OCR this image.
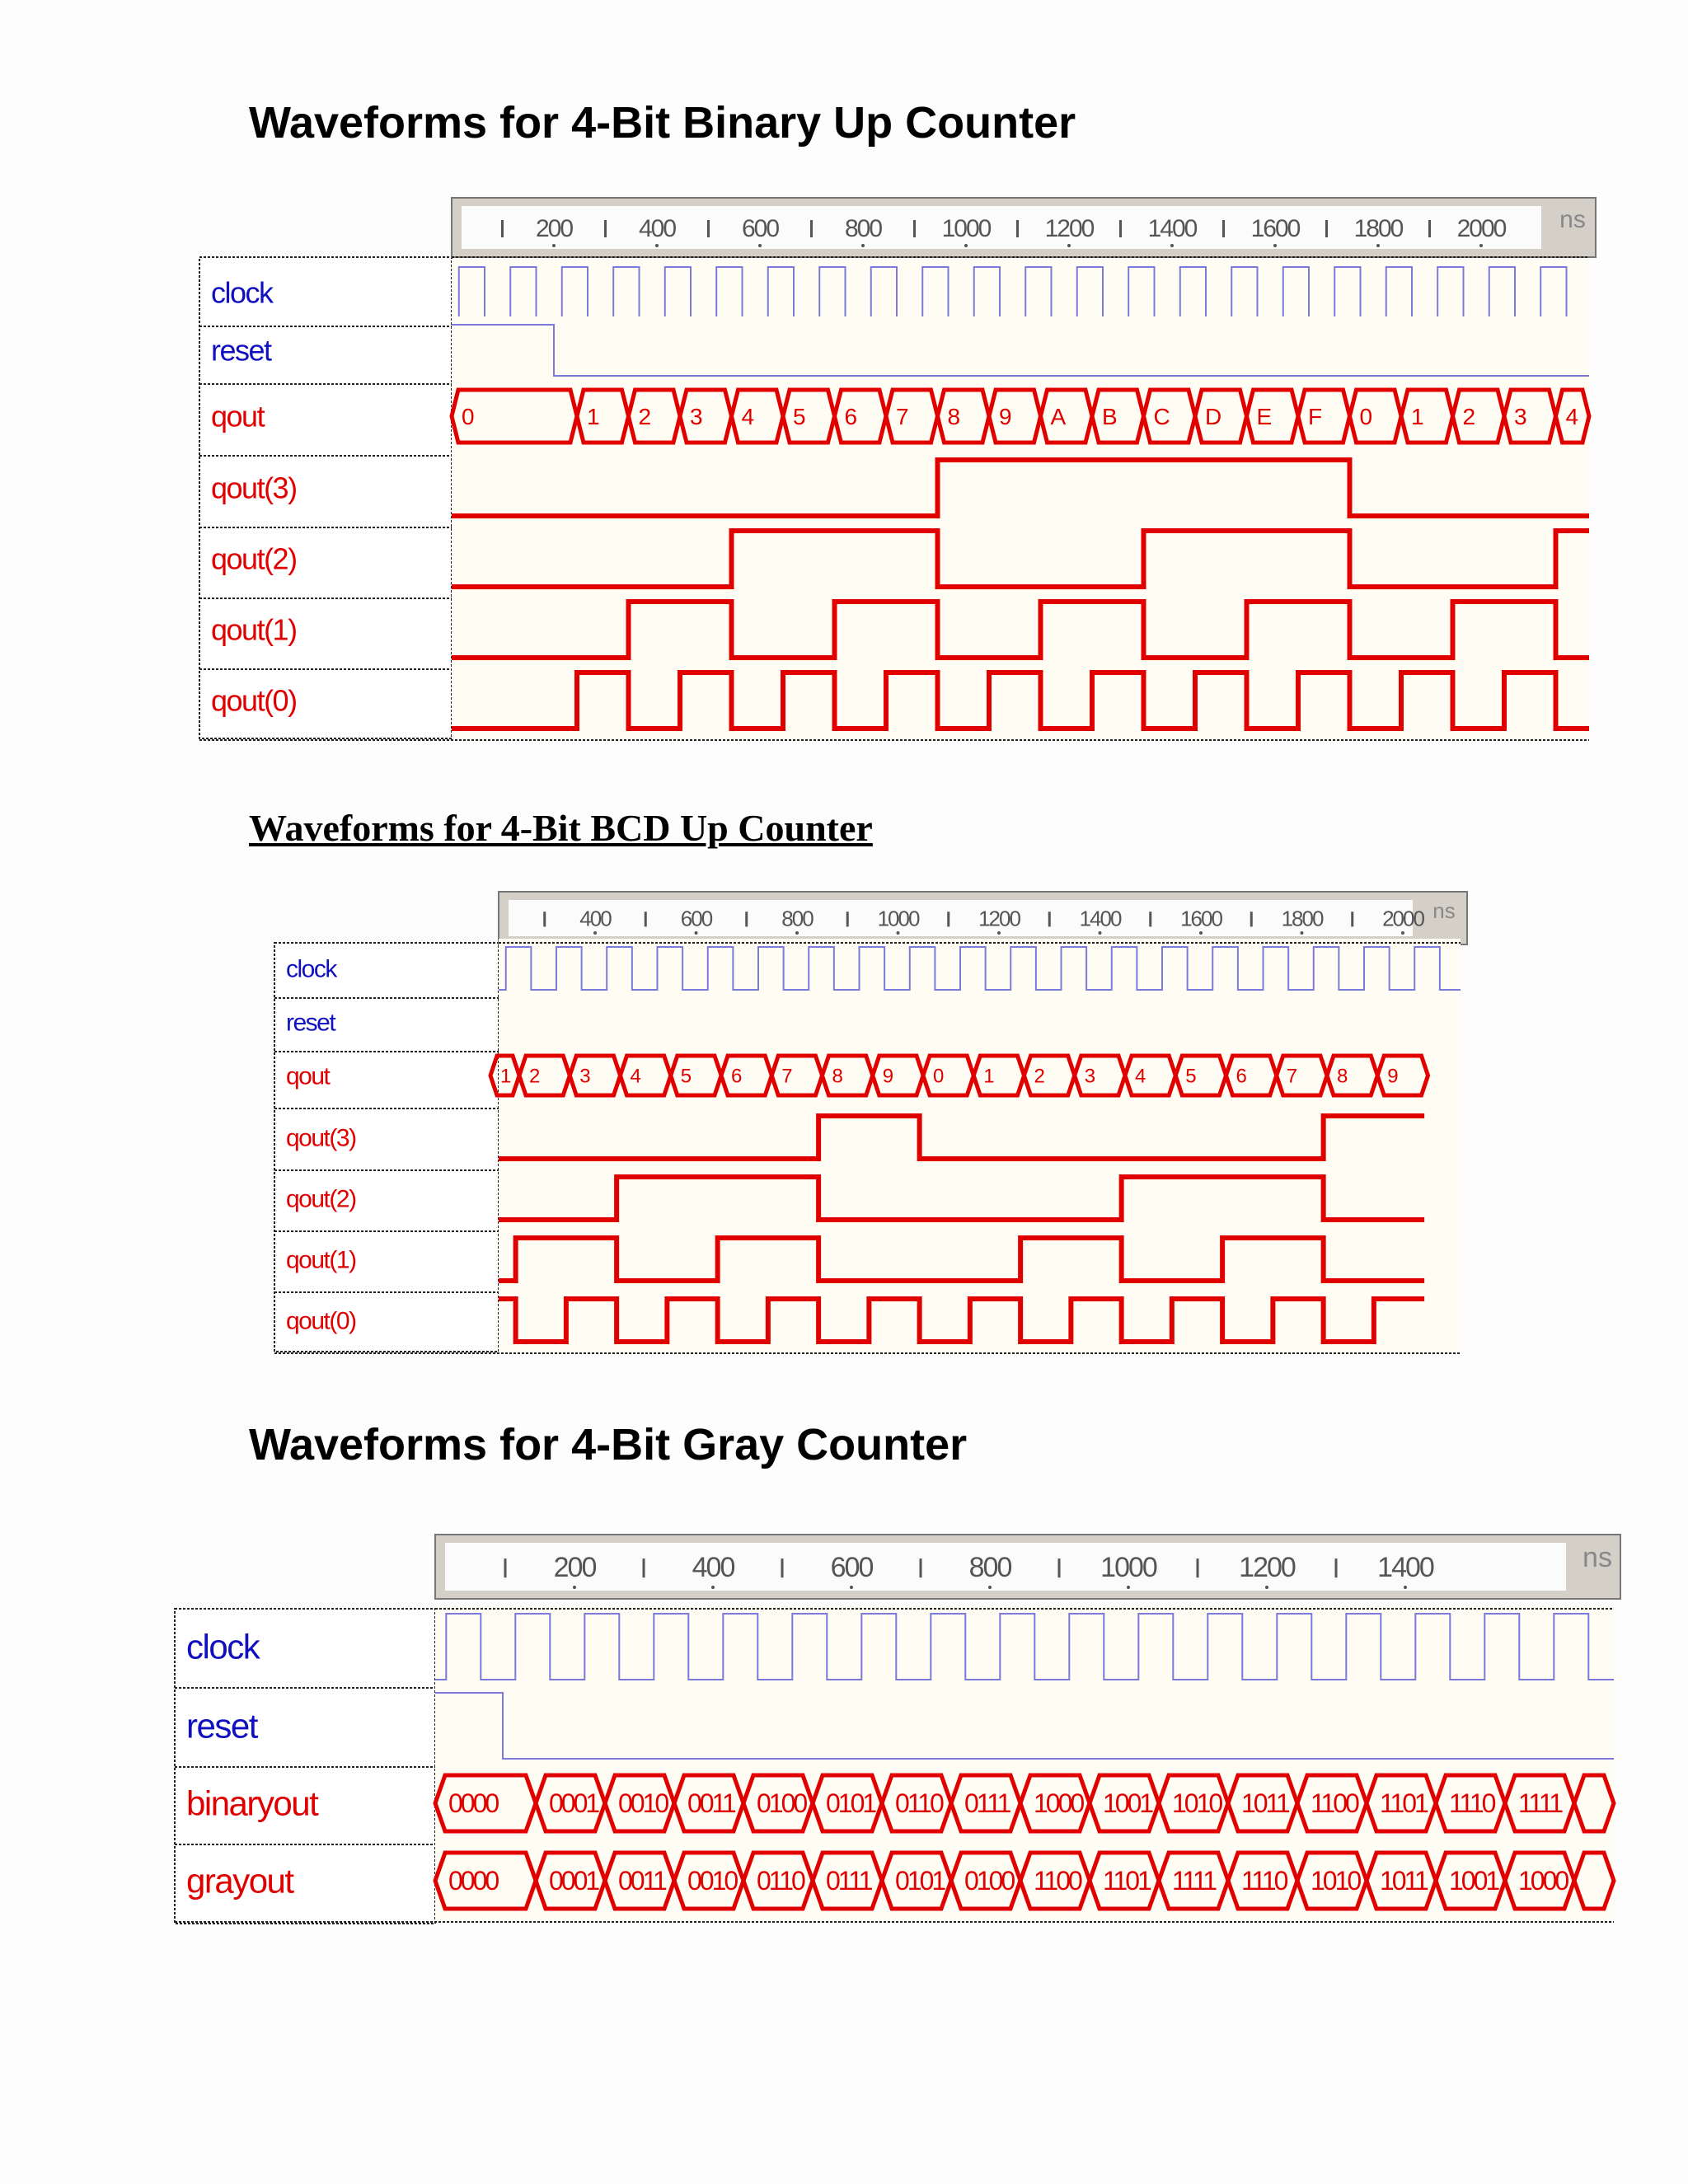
Waveforms for 4-Bit Binary Up Counter
200	400	600	800 1000 1200 1400 1600 1800 2000 ns
clock
reset
qout	0	1 2 3 4 5 6 7 8 9 A B C D E F 0 1 2 3 4
qout(3)
qout(2)
qout(1)
qout(0)
Waveforms for 4-Bit BCD Up Counter
400	600	800	1000	1200	1400	1600	1800	2000 ns
clock
reset
qout	1 2 3 4 5 6 7 8 9 0 1 2 3 4 5 6 7 8 9
qout(3)
qout(2)
qout(1)
qout(0)
Waveforms for 4-Bit Gray Counter
200	400	600	800	1000	1200	1400	ns
clock
reset
binaryout	0000 0001 0010 0011 0100 0101 0110 0111 1000 1001 1010 1011 1100 1101 1110 1111
grayout	0000 0001 0011 0010 0110 0111 0101 0100 1100 1101 1111 1110 1010 1011 1001 1000
